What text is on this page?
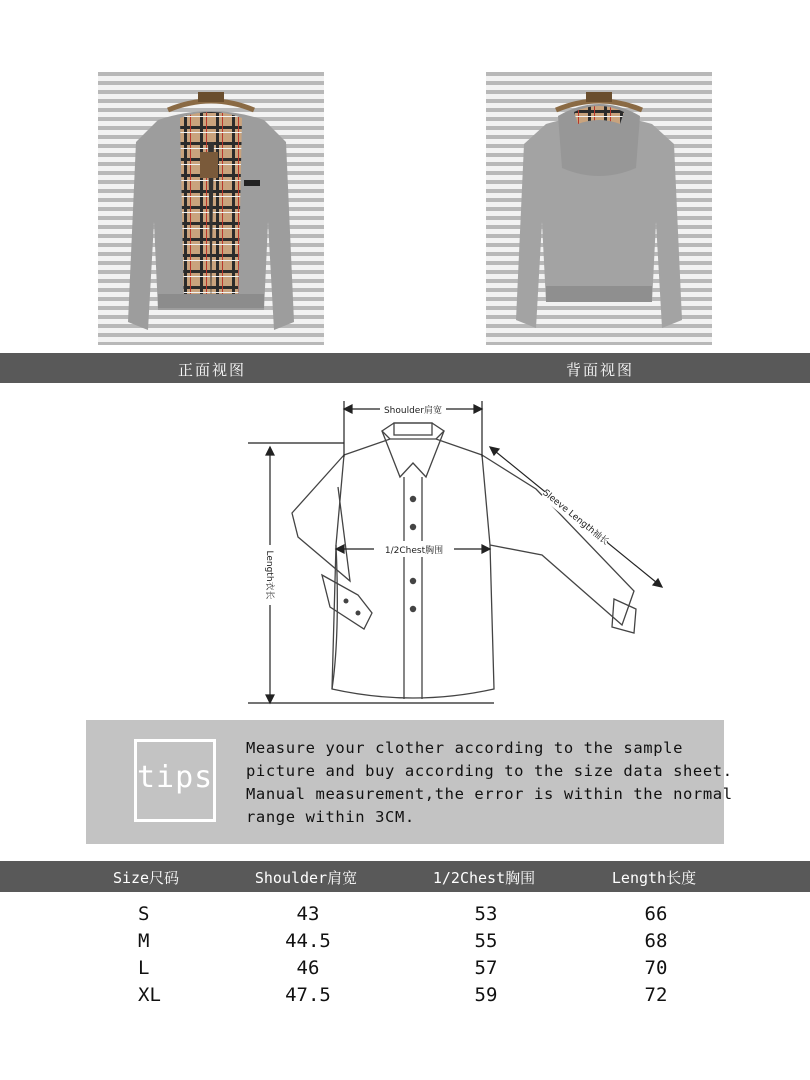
正面视图	背面视图
Shoulder肩宽
1/2Chest胸围
Length衣长
Sleeve Length袖长
tips
Measure your clother according to the sample
picture and buy according to the size data sheet.
Manual measurement,the error is within the normal
range within 3CM.
Size尺码	Shoulder肩宽	1/2Chest胸围	Length长度
S	43	53	66
M	44.5	55	68
L	46	57	70
XL	47.5	59	72
